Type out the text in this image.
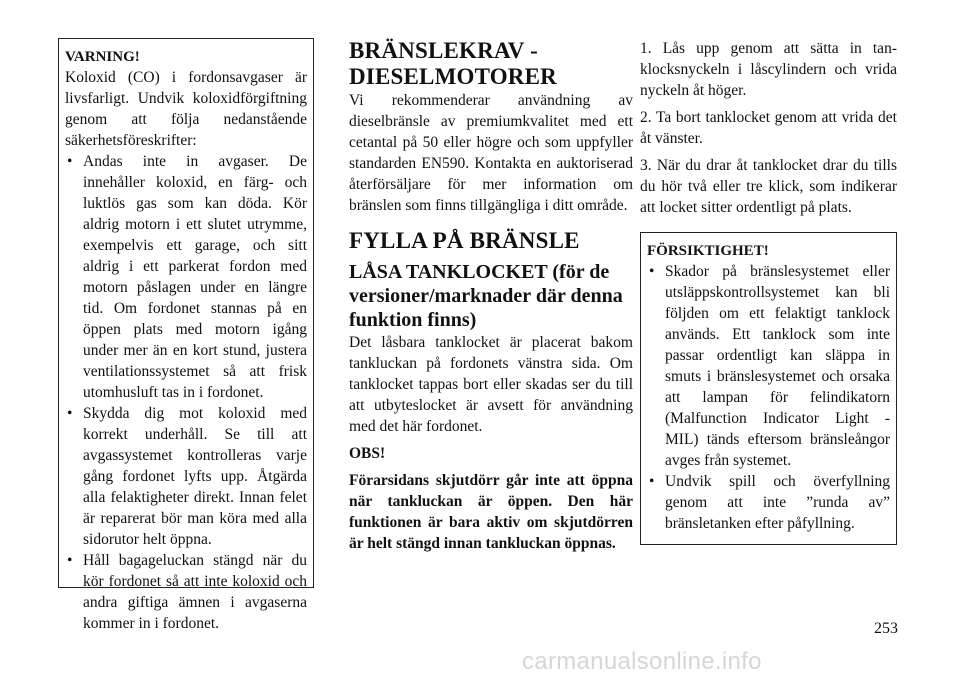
VARNING!

Koloxid (CO) i fordonsavgaser är livsfarligt. Undvik koloxidförgiftning genom att följa nedanstående säkerhetsföreskrifter:

• Andas inte in avgaser. De innehåller koloxid, en färg- och luktlös gas som kan döda. Kör aldrig motorn i ett slutet utrymme, exempelvis ett garage, och sitt aldrig i ett parkerat fordon med motorn påslagen under en längre tid. Om fordonet stannas på en öppen plats med motorn igång under mer än en kort stund, justera ventilationssystemet så att frisk utomhusluft tas in i fordonet.
• Skydda dig mot koloxid med korrekt underhåll. Se till att avgassystemet kontrolleras varje gång fordonet lyfts upp. Åtgärda alla felaktigheter direkt. Innan felet är reparerat bör man köra med alla sidorutor helt öppna.
• Håll bagageluckan stängd när du kör fordonet så att inte koloxid och andra giftiga ämnen i avgaserna kommer in i fordonet.
BRÄNSLEKRAV - DIESELMOTORER

Vi rekommenderar användning av dieselbränsle av premiumkvalitet med ett cetantal på 50 eller högre och som uppfyller standarden EN590. Kontakta en auktoriserad återförsäljare för mer information om bränslen som finns tillgängliga i ditt område.

FYLLA PÅ BRÄNSLE
LÅSA TANKLOCKET (för de versioner/marknader där denna funktion finns)

Det låsbara tanklocket är placerat bakom tankluckan på fordonets vänstra sida. Om tanklocket tappas bort eller skadas ser du till att utbyteslocket är avsett för användning med det här fordonet.

OBS!

Förarsidans skjutdörr går inte att öppna när tankluckan är öppen. Den här funktionen är bara aktiv om skjutdörren är helt stängd innan tankluckan öppnas.

1. Lås upp genom att sätta in tanklocksnyckeln i låscylindern och vrida nyckeln åt höger.

2. Ta bort tanklocket genom att vrida det åt vänster.

3. När du drar åt tanklocket drar du tills du hör två eller tre klick, som indikerar att locket sitter ordentligt på plats.

FÖRSIKTIGHET!

• Skador på bränslesystemet eller utsläppskontrollsystemet kan bli följden om ett felaktigt tanklock används. Ett tanklock som inte passar ordentligt kan släppa in smuts i bränslesystemet och orsaka att lampan för felindikatorn (Malfunction Indicator Light - MIL) tänds eftersom bränsleångor avges från systemet.
• Undvik spill och överfyllning genom att inte ”runda av” bränsletanken efter påfyllning.
253
carmanualsonline.info
